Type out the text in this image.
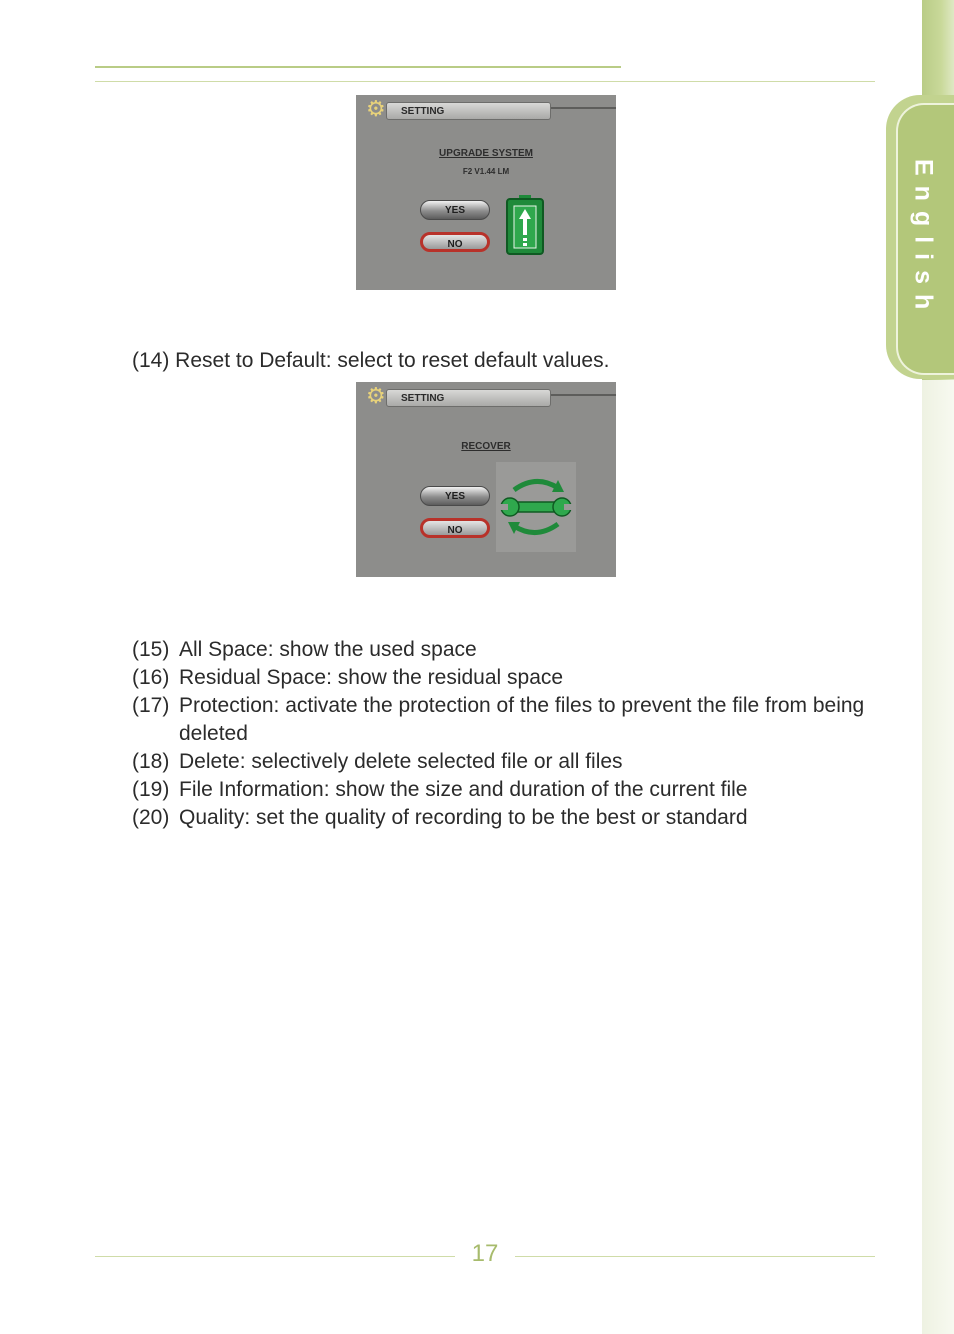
English
⚙	SETTING
UPGRADE SYSTEM
F2 V1.44 LM
YES
NO

(14) Reset to Default: select to reset default values.

⚙	SETTING
RECOVER
YES
NO
(15) All Space: show the used space
(16) Residual Space: show the residual space
(17) Protection: activate the protection of the files to prevent the file from being deleted
(18) Delete: selectively delete selected file or all files
(19) File Information: show the size and duration of the current file
(20) Quality: set the quality of recording to be the best or standard
17
